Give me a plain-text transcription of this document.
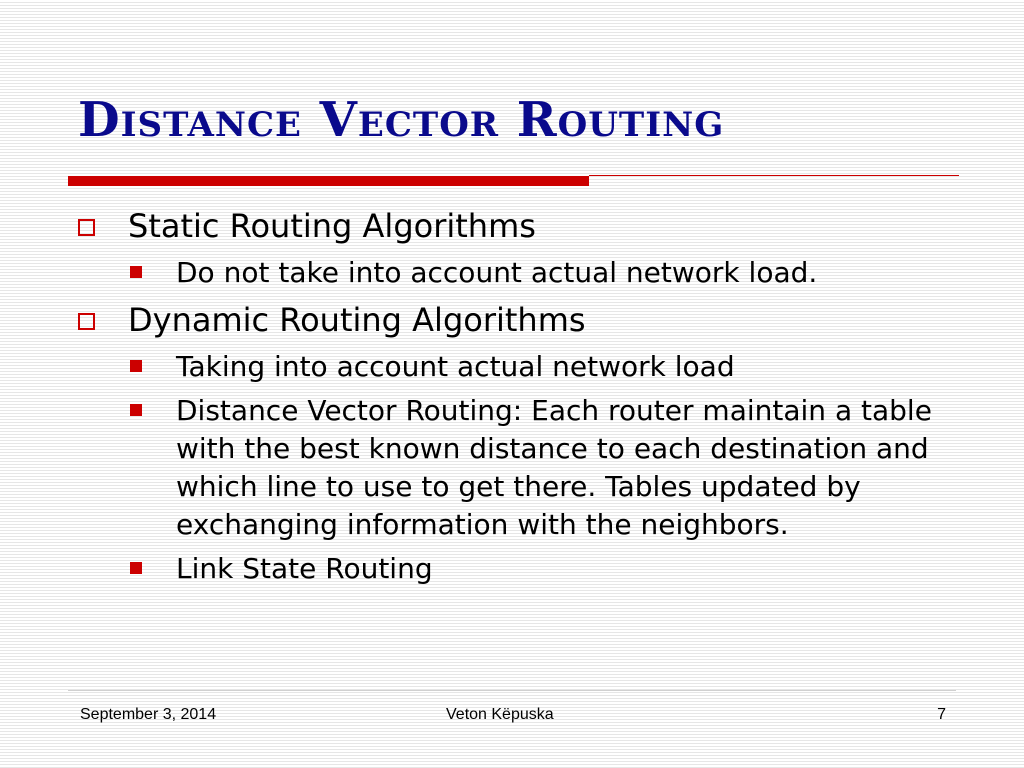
Distance Vector Routing
Static Routing Algorithms
Do not take into account actual network load.
Dynamic Routing Algorithms
Taking into account actual network load
Distance Vector Routing: Each router maintain a table with the best known distance to each destination and which line to use to get there. Tables updated by exchanging information with the neighbors.
Link State Routing
September 3, 2014	Veton Këpuska	7
